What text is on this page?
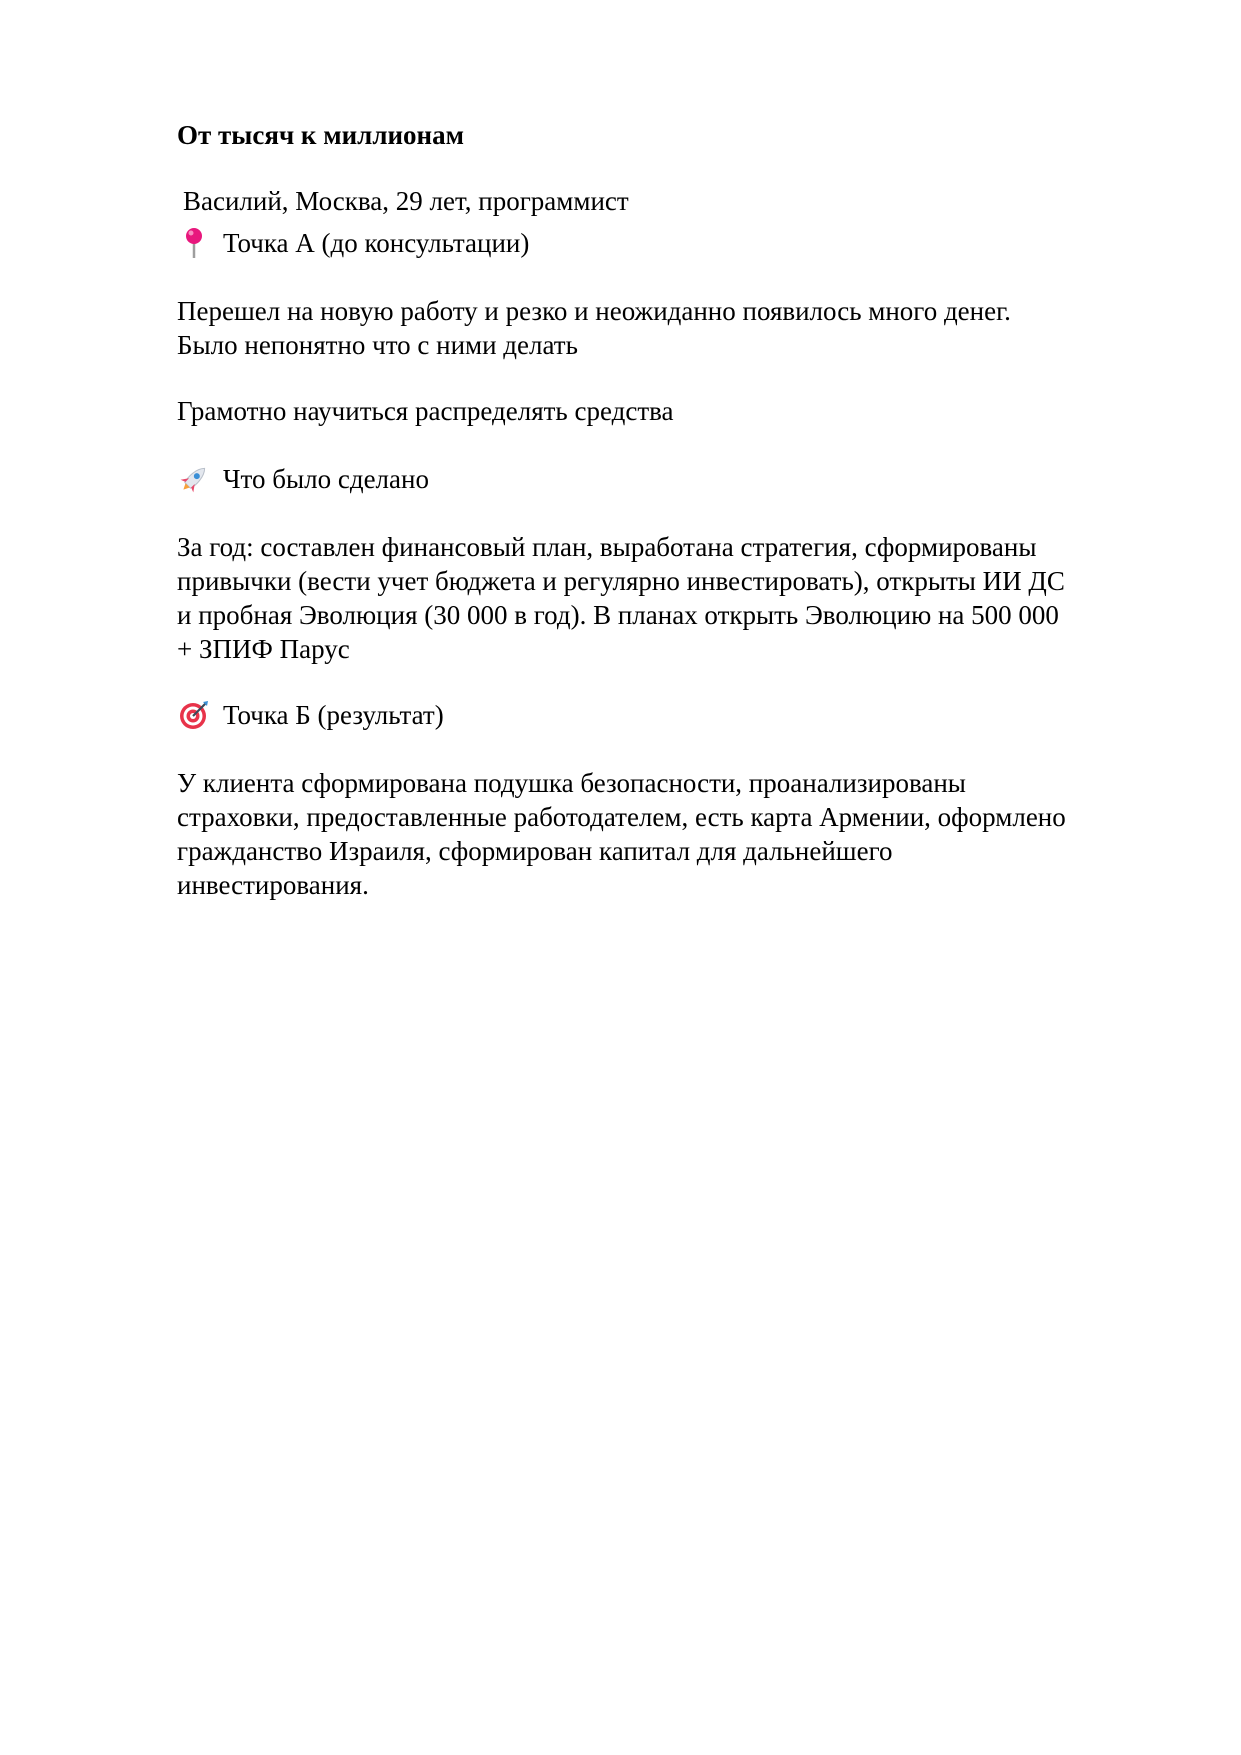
От тысяч к миллионам

Василий, Москва, 29 лет, программист

Точка А (до консультации)

Перешел на новую работу и резко и неожиданно появилось много денег.
Было непонятно что с ними делать

Грамотно научиться распределять средства

Что было сделано

За год: составлен финансовый план, выработана стратегия, сформированы
привычки (вести учет бюджета и регулярно инвестировать), открыты ИИ ДС
и пробная Эволюция (30 000 в год). В планах открыть Эволюцию на 500 000
+ ЗПИФ Парус

Точка Б (результат)

У клиента сформирована подушка безопасности, проанализированы
страховки, предоставленные работодателем, есть карта Армении, оформлено
гражданство Израиля, сформирован капитал для дальнейшего
инвестирования.
